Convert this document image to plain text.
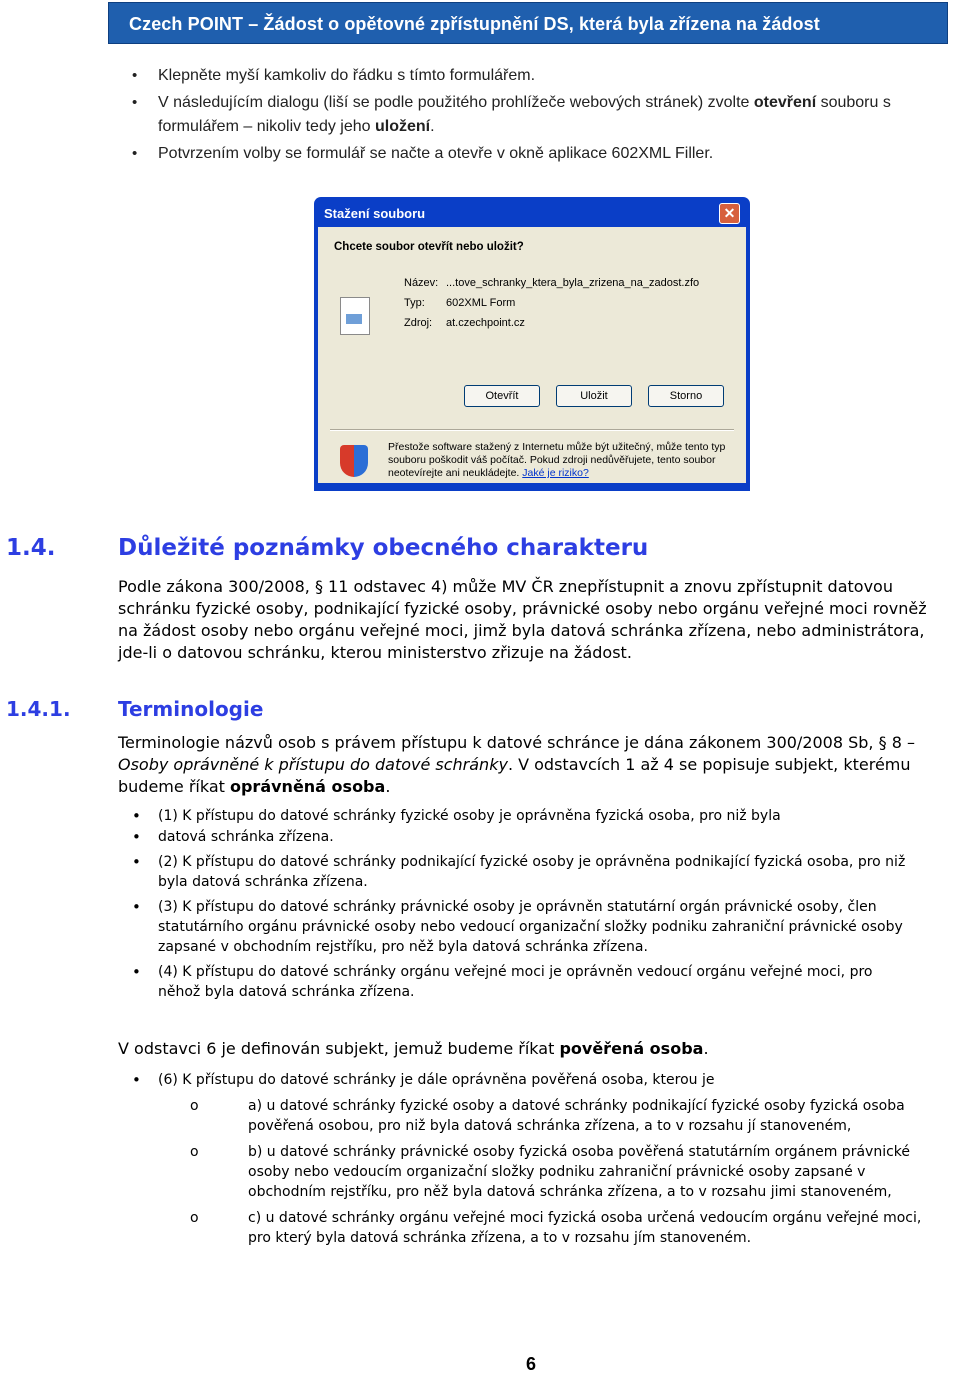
Czech POINT – Žádost o opětovné zpřístupnění DS, která byla zřízena na žádost
• Klepněte myší kamkoliv do řádku s tímto formulářem.
• V následujícím dialogu (liší se podle použitého prohlížeče webových stránek) zvolte otevření souboru s formulářem – nikoliv tedy jeho uložení.
• Potvrzením volby se formulář se načte a otevře v okně aplikace 602XML Filler.
Stažení souboru	✕
Chcete soubor otevřít nebo uložit?
Název: ...tove_schranky_ktera_byla_zrizena_na_zadost.zfo
Typ: 602XML Form
Zdroj: at.czechpoint.cz
Otevřít	Uložit	Storno
Přestože software stažený z Internetu může být užitečný, může tento typ souboru poškodit váš počítač. Pokud zdroji nedůvěřujete, tento soubor neotevírejte ani neukládejte. Jaké je riziko?
1.4.	Důležité poznámky obecného charakteru
Podle zákona 300/2008, § 11 odstavec 4) může MV ČR znepřístupnit a znovu zpřístupnit datovou schránku fyzické osoby, podnikající fyzické osoby, právnické osoby nebo orgánu veřejné moci rovněž na žádost osoby nebo orgánu veřejné moci, jimž byla datová schránka zřízena, nebo administrátora, jde-li o datovou schránku, kterou ministerstvo zřizuje na žádost.
1.4.1. Terminologie
Terminologie názvů osob s právem přístupu k datové schránce je dána zákonem 300/2008 Sb, § 8 – Osoby oprávněné k přístupu do datové schránky. V odstavcích 1 až 4 se popisuje subjekt, kterému budeme říkat oprávněná osoba.
• (1) K přístupu do datové schránky fyzické osoby je oprávněna fyzická osoba, pro niž byla
• datová schránka zřízena.
• (2) K přístupu do datové schránky podnikající fyzické osoby je oprávněna podnikající fyzická osoba, pro niž byla datová schránka zřízena.
• (3) K přístupu do datové schránky právnické osoby je oprávněn statutární orgán právnické osoby, člen statutárního orgánu právnické osoby nebo vedoucí organizační složky podniku zahraniční právnické osoby zapsané v obchodním rejstříku, pro něž byla datová schránka zřízena.
• (4) K přístupu do datové schránky orgánu veřejné moci je oprávněn vedoucí orgánu veřejné moci, pro něhož byla datová schránka zřízena.
V odstavci 6 je definován subjekt, jemuž budeme říkat pověřená osoba.
• (6) K přístupu do datové schránky je dále oprávněna pověřená osoba, kterou je
o a) u datové schránky fyzické osoby a datové schránky podnikající fyzické osoby fyzická osoba pověřená osobou, pro niž byla datová schránka zřízena, a to v rozsahu jí stanoveném,
o b) u datové schránky právnické osoby fyzická osoba pověřená statutárním orgánem právnické osoby nebo vedoucím organizační složky podniku zahraniční právnické osoby zapsané v obchodním rejstříku, pro něž byla datová schránka zřízena, a to v rozsahu jimi stanoveném,
o c) u datové schránky orgánu veřejné moci fyzická osoba určená vedoucím orgánu veřejné moci, pro který byla datová schránka zřízena, a to v rozsahu jím stanoveném.
6
